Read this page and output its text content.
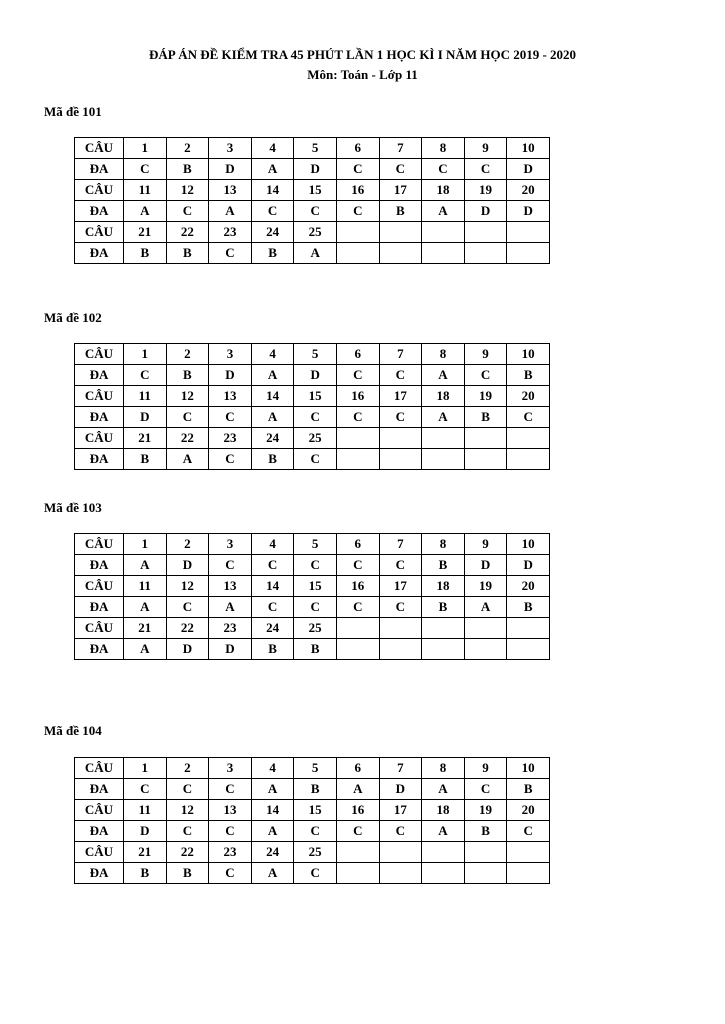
ĐÁP ÁN ĐỀ KIỂM TRA 45 PHÚT LẦN 1 HỌC KÌ I NĂM HỌC 2019 - 2020
Môn: Toán - Lớp 11
Mã đề 101
CÂU	1	2	3	4	5	6	7	8	9	10
ĐA	C	B	D	A	D	C	C	C	C	D
CÂU	11	12	13	14	15	16	17	18	19	20
ĐA	A	C	A	C	C	C	B	A	D	D
CÂU	21	22	23	24	25					
ĐA	B	B	C	B	A					
Mã đề 102
CÂU	1	2	3	4	5	6	7	8	9	10
ĐA	C	B	D	A	D	C	C	A	C	B
CÂU	11	12	13	14	15	16	17	18	19	20
ĐA	D	C	C	A	C	C	C	A	B	C
CÂU	21	22	23	24	25					
ĐA	B	A	C	B	C					
Mã đề 103
CÂU	1	2	3	4	5	6	7	8	9	10
ĐA	A	D	C	C	C	C	C	B	D	D
CÂU	11	12	13	14	15	16	17	18	19	20
ĐA	A	C	A	C	C	C	C	B	A	B
CÂU	21	22	23	24	25					
ĐA	A	D	D	B	B					
Mã đề 104
CÂU	1	2	3	4	5	6	7	8	9	10
ĐA	C	C	C	A	B	A	D	A	C	B
CÂU	11	12	13	14	15	16	17	18	19	20
ĐA	D	C	C	A	C	C	C	A	B	C
CÂU	21	22	23	24	25					
ĐA	B	B	C	A	C					
